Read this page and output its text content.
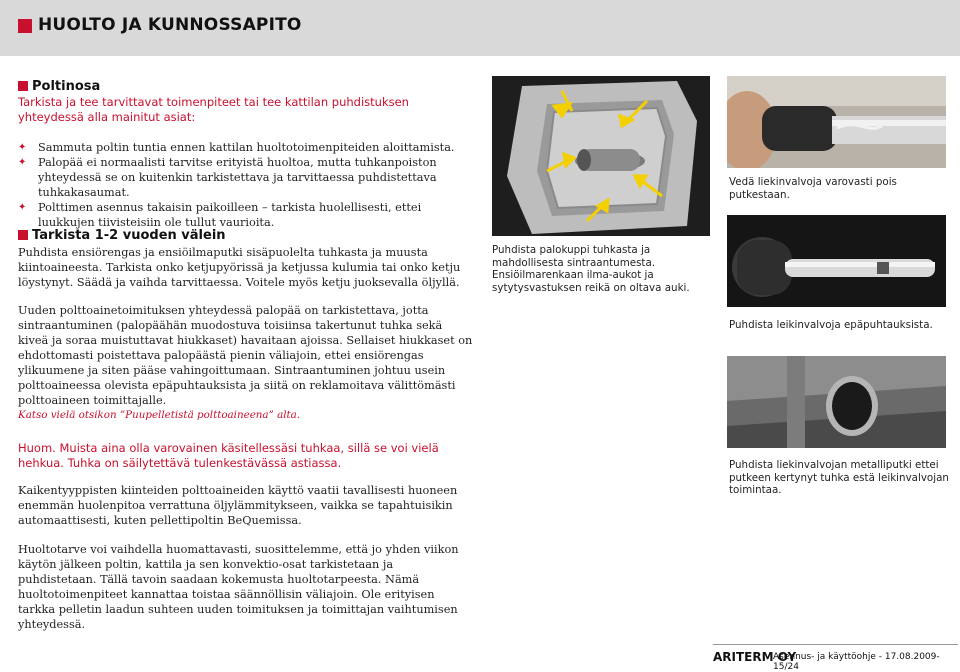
HUOLTO JA KUNNOSSAPITO
Poltinosa
Tarkista ja tee tarvittavat toimenpiteet tai tee kattilan puhdistuksen yhteydessä alla mainitut asiat:
✦ Sammuta poltin tuntia ennen kattilan huoltotoimenpiteiden aloittamista.
✦ Palopää ei normaalisti tarvitse erityistä huoltoa, mutta tuhkanpoiston yhteydessä se on kuitenkin tarkistettava ja tarvittaessa puhdistettava tuhkakasaumat.
✦ Polttimen asennus takaisin paikoilleen – tarkista huolellisesti, ettei luukkujen tiivisteisiin ole tullut vaurioita.
Tarkista 1-2 vuoden välein
Puhdista ensiörengas ja ensiöilmaputki sisäpuolelta tuhkasta ja muusta kiintoaineesta. Tarkista onko ketjupyörissä ja ketjussa kulumia tai onko ketju löystynyt. Säädä ja vaihda tarvittaessa. Voitele myös ketju juoksevalla öljyllä.
Uuden polttoainetoimituksen yhteydessä palopää on tarkistettava, jotta sintraantuminen (palopäähän muodostuva toisiinsa takertunut tuhka sekä kiveä ja soraa muistuttavat hiukkaset) havaitaan ajoissa. Sellaiset hiukkaset on ehdottomasti poistettava palopäästä pienin väliajoin, ettei ensiörengas ylikuumene ja siten pääse vahingoittumaan. Sintraantuminen johtuu usein polttoaineessa olevista epäpuhtauksista ja siitä on reklamoitava välittömästi polttoaineen toimittajalle.
Katso vielä otsikon ”Puupelletistä polttoaineena” alta.
Huom. Muista aina olla varovainen käsitellessäsi tuhkaa, sillä se voi vielä hehkua. Tuhka on säilytettävä tulenkestävässä astiassa.
Kaikentyyppisten kiinteiden polttoaineiden käyttö vaatii tavallisesti huoneen enemmän huolenpitoa verrattuna öljylämmitykseen, vaikka se tapahtuisikin automaattisesti, kuten pellettipoltin BeQuemissa.
Huoltotarve voi vaihdella huomattavasti, suosittelemme, että jo yhden viikon käytön jälkeen poltin, kattila ja sen konvektio-osat tarkistetaan ja puhdistetaan. Tällä tavoin saadaan kokemusta huoltotarpeesta. Nämä huoltotoimenpiteet kannattaa toistaa säännöllisin väliajoin. Ole erityisen tarkka pelletin laadun suhteen uuden toimituksen ja toimittajan vaihtumisen yhteydessä.
Puhdista palokuppi tuhkasta ja mahdollisesta sintraantumesta. Ensiöilmarenkaan ilma-aukot ja sytytysvastuksen reikä on oltava auki.
Vedä liekinvalvoja varovasti pois putkestaan.
Puhdista leikinvalvoja epäpuhtauksista.
Puhdista liekinvalvojan metalliputki ettei putkeen kertynyt tuhka estä leikinvalvojan toimintaa.
ARITERM OY
Asennus- ja käyttöohje - 17.08.2009- 15/24
